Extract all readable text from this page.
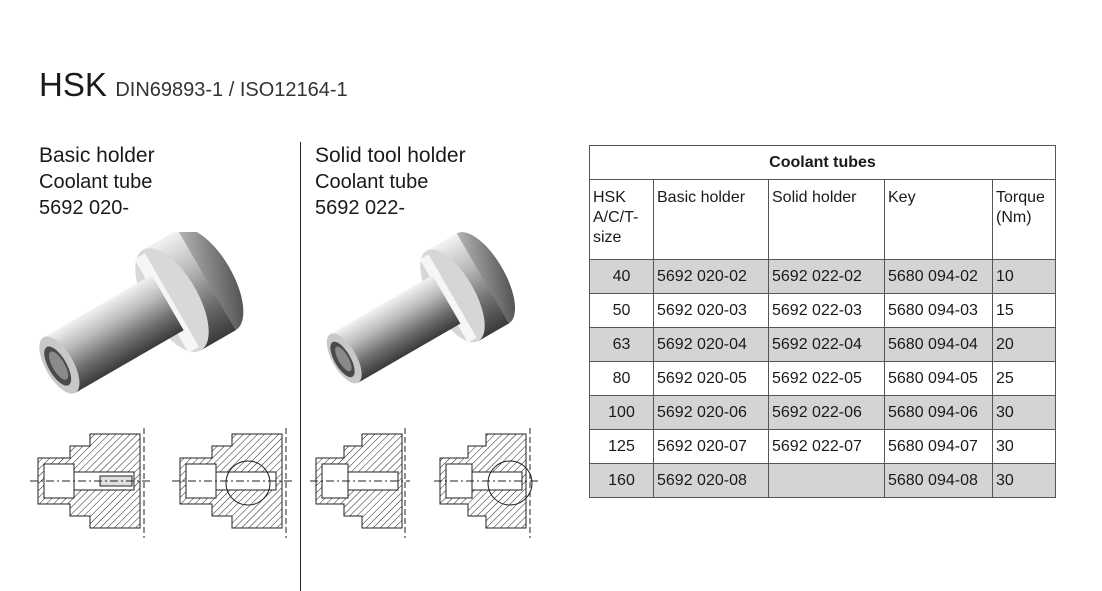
HSK DIN69893-1 / ISO12164-1
Basic holder
Coolant tube
5692 020-
Solid tool holder
Coolant tube
5692 022-
Coolant tubes				
HSK A/C/T-size	Basic holder	Solid holder	Key	Torque (Nm)
40	5692 020-02	5692 022-02	5680 094-02	10
50	5692 020-03	5692 022-03	5680 094-03	15
63	5692 020-04	5692 022-04	5680 094-04	20
80	5692 020-05	5692 022-05	5680 094-05	25
100	5692 020-06	5692 022-06	5680 094-06	30
125	5692 020-07	5692 022-07	5680 094-07	30
160	5692 020-08		5680 094-08	30
